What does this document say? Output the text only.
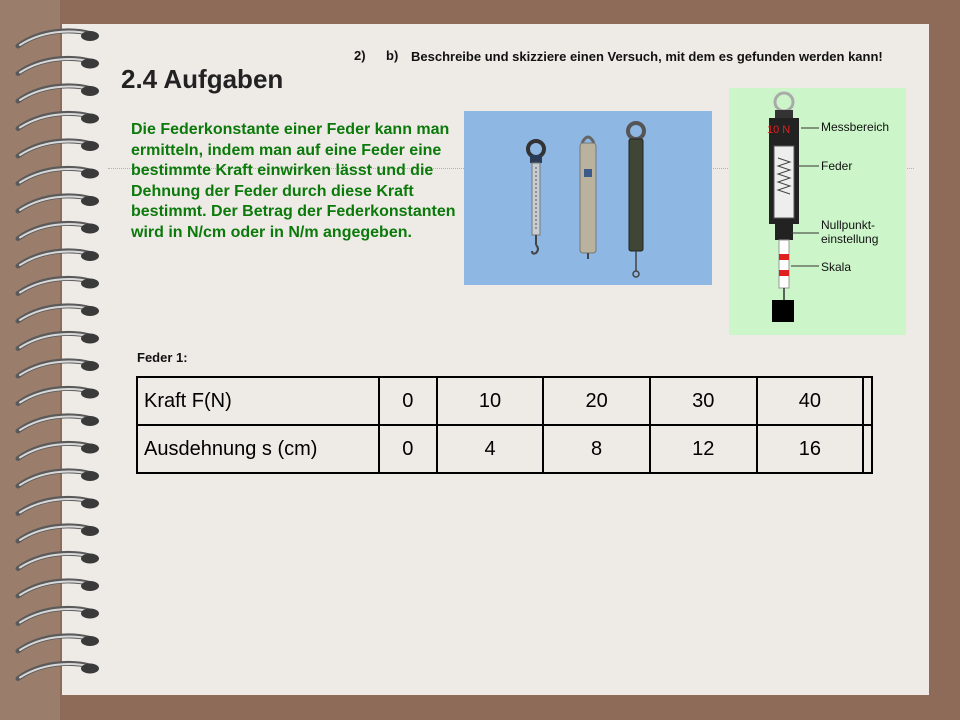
2.4 Aufgaben
2) b) Beschreibe und skizziere einen Versuch, mit dem es gefunden werden kann!
Die Federkonstante einer Feder kann man ermitteln, indem man auf eine Feder eine bestimmte Kraft einwirken lässt und die Dehnung der Feder durch diese Kraft bestimmt. Der Betrag der Federkonstanten wird in N/cm oder in N/m angegeben.
10 N	Messbereich
Feder
Nullpunkt-
einstellung
Skala
Feder 1:
Kraft F(N)	0	10	20	30	40	
Ausdehnung s (cm)	0	4	8	12	16	
